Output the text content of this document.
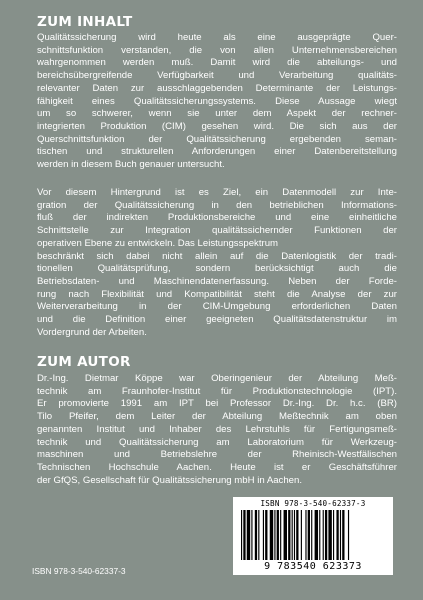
ZUM INHALT
Qualitätssicherung wird heute als eine ausgeprägte Quer-
schnittsfunktion verstanden, die von allen Unternehmensbereichen
wahrgenommen werden muß. Damit wird die abteilungs- und
bereichsübergreifende Verfügbarkeit und Verarbeitung qualitäts-
relevanter Daten zur ausschlaggebenden Determinante der Leistungs-
fähigkeit eines Qualitätssicherungssystems. Diese Aussage wiegt
um so schwerer, wenn sie unter dem Aspekt der rechner-
integrierten Produktion (CIM) gesehen wird. Die sich aus der
Querschnittsfunktion der Qualitätssicherung ergebenden seman-
tischen und strukturellen Anforderungen einer Datenbereitstellung
werden in diesem Buch genauer untersucht.
Vor diesem Hintergrund ist es Ziel, ein Datenmodell zur Inte-
gration der Qualitätssicherung in den betrieblichen Informations-
fluß der indirekten Produktionsbereiche und eine einheitliche
Schnittstelle zur Integration qualitätssichernder Funktionen der
operativen Ebene zu entwickeln. Das Leistungsspektrum
beschränkt sich dabei nicht allein auf die Datenlogistik der tradi-
tionellen Qualitätsprüfung, sondern berücksichtigt auch die
Betriebsdaten- und Maschinendatenerfassung. Neben der Forde-
rung nach Flexibilität und Kompatibilität steht die Analyse der zur
Weiterverarbeitung in der CIM-Umgebung erforderlichen Daten
und die Definition einer geeigneten Qualitätsdatenstruktur im
Vordergrund der Arbeiten.
ZUM AUTOR
Dr.-Ing. Dietmar Köppe war Oberingenieur der Abteilung Meß-
technik am Fraunhofer-Institut für Produktionstechnologie (IPT).
Er promovierte 1991 am IPT bei Professor Dr.-Ing. Dr. h.c. (BR)
Tilo Pfeifer, dem Leiter der Abteilung Meßtechnik am oben
genannten Institut und Inhaber des Lehrstuhls für Fertigungsmeß-
technik und Qualitätssicherung am Laboratorium für Werkzeug-
maschinen und Betriebslehre der Rheinisch-Westfälischen
Technischen Hochschule Aachen. Heute ist er Geschäftsführer
der GfQS, Gesellschaft für Qualitätssicherung mbH in Aachen.
ISBN 978-3-540-62337-3
9 783540 623373
ISBN 978-3-540-62337-3
